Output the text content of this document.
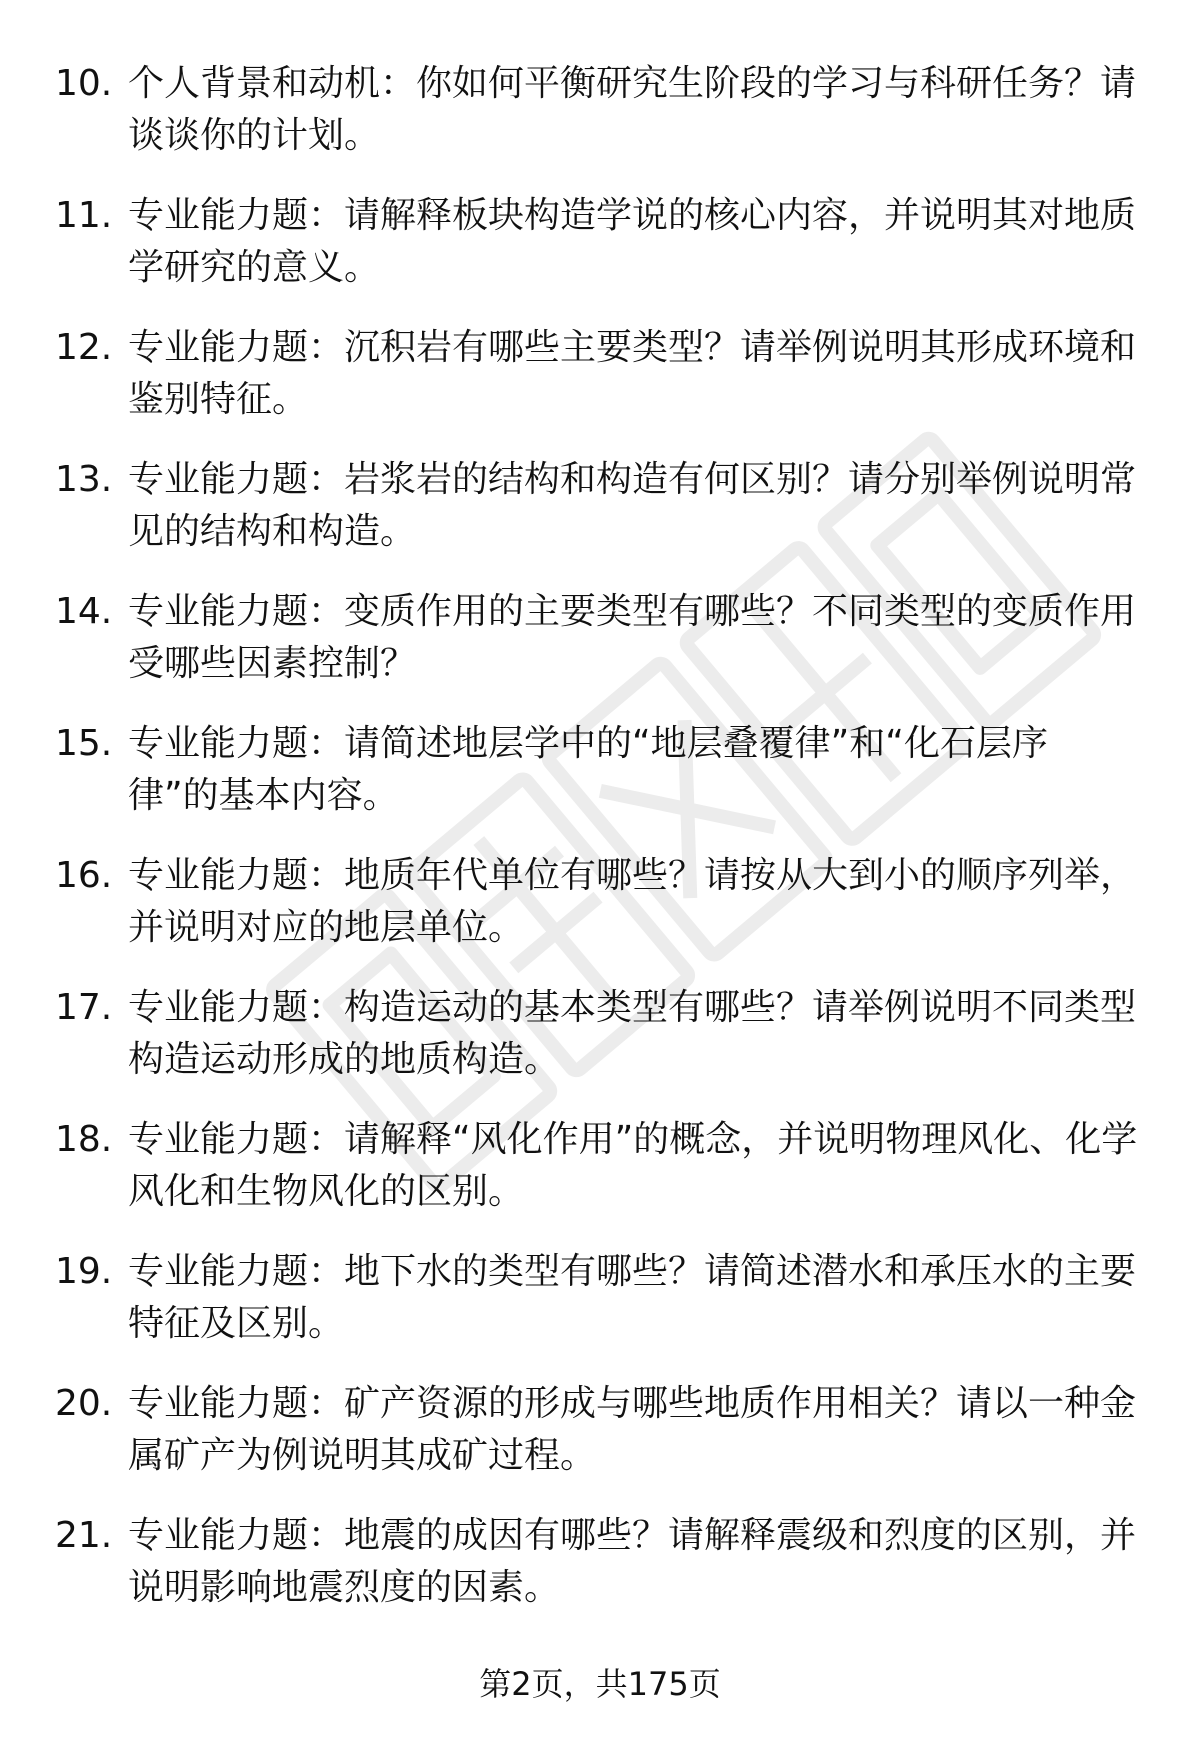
10. 个人背景和动机：你如何平衡研究生阶段的学习与科研任务？请谈谈你的计划。
11. 专业能力题：请解释板块构造学说的核心内容，并说明其对地质学研究的意义。
12. 专业能力题：沉积岩有哪些主要类型？请举例说明其形成环境和鉴别特征。
13. 专业能力题：岩浆岩的结构和构造有何区别？请分别举例说明常见的结构和构造。
14. 专业能力题：变质作用的主要类型有哪些？不同类型的变质作用受哪些因素控制？
15. 专业能力题：请简述地层学中的“地层叠覆律”和“化石层序律”的基本内容。
16. 专业能力题：地质年代单位有哪些？请按从大到小的顺序列举，并说明对应的地层单位。
17. 专业能力题：构造运动的基本类型有哪些？请举例说明不同类型构造运动形成的地质构造。
18. 专业能力题：请解释“风化作用”的概念，并说明物理风化、化学风化和生物风化的区别。
19. 专业能力题：地下水的类型有哪些？请简述潜水和承压水的主要特征及区别。
20. 专业能力题：矿产资源的形成与哪些地质作用相关？请以一种金属矿产为例说明其成矿过程。
21. 专业能力题：地震的成因有哪些？请解释震级和烈度的区别，并说明影响地震烈度的因素。
第2页，共175页
